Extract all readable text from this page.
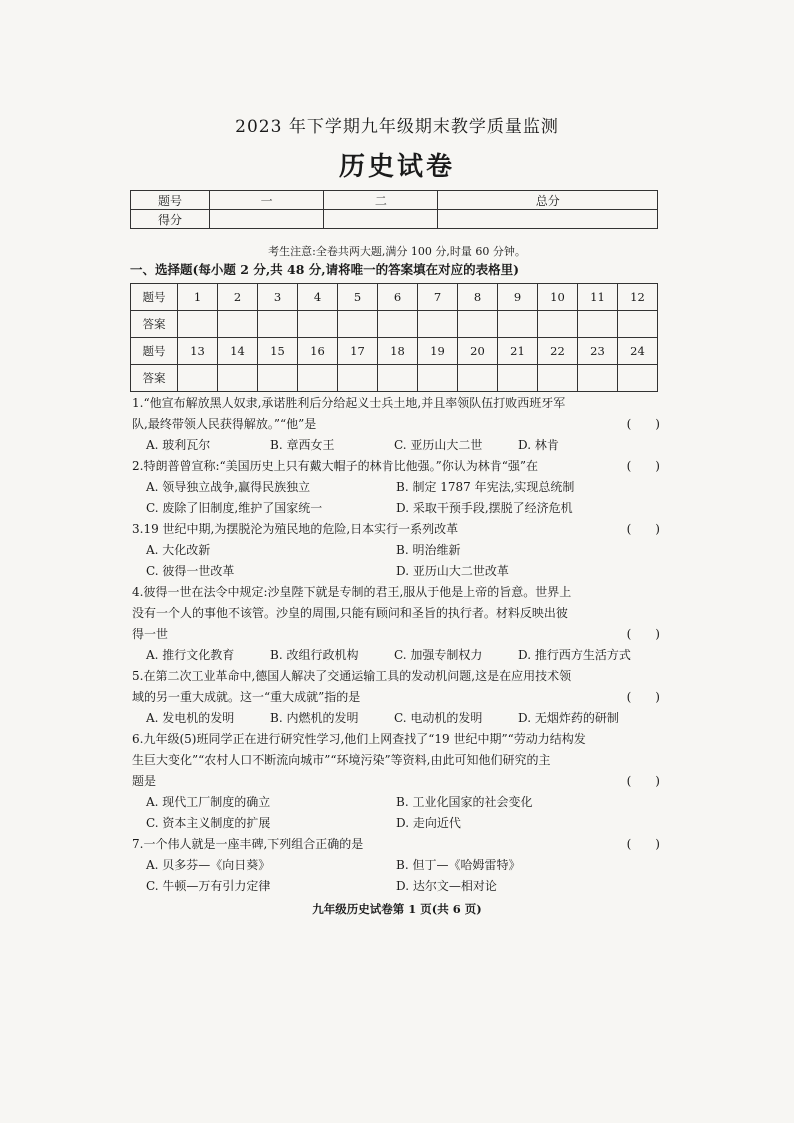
2023 年下学期九年级期末教学质量监测
历史试卷
题号	一	二	总分
得分			
考生注意:全卷共两大题,满分 100 分,时量 60 分钟。
一、选择题(每小题 2 分,共 48 分,请将唯一的答案填在对应的表格里)
题号	1	2	3	4	5	6	7	8	9	10	11	12
答案												
题号	13	14	15	16	17	18	19	20	21	22	23	24
答案												
1.“他宣布解放黑人奴隶,承诺胜利后分给起义士兵土地,并且率领队伍打败西班牙军
队,最终带领人民获得解放。”“他”是	(　　)
A. 玻利瓦尔	B. 章西女王	C. 亚历山大二世	D. 林肯
2.特朗普曾宣称:“美国历史上只有戴大帽子的林肯比他强。”你认为林肯“强”在	(　　)
A. 领导独立战争,赢得民族独立	B. 制定 1787 年宪法,实现总统制
C. 废除了旧制度,维护了国家统一	D. 采取干预手段,摆脱了经济危机
3.19 世纪中期,为摆脱沦为殖民地的危险,日本实行一系列改革	(　　)
A. 大化改新	B. 明治维新
C. 彼得一世改革	D. 亚历山大二世改革
4.彼得一世在法令中规定:沙皇陛下就是专制的君王,服从于他是上帝的旨意。世界上
没有一个人的事他不该管。沙皇的周围,只能有顾问和圣旨的执行者。材料反映出彼
得一世	(　　)
A. 推行文化教育	B. 改组行政机构	C. 加强专制权力	D. 推行西方生活方式
5.在第二次工业革命中,德国人解决了交通运输工具的发动机问题,这是在应用技术领
域的另一重大成就。这一“重大成就”指的是	(　　)
A. 发电机的发明	B. 内燃机的发明	C. 电动机的发明	D. 无烟炸药的研制
6.九年级(5)班同学正在进行研究性学习,他们上网查找了“19 世纪中期”“劳动力结构发
生巨大变化”“农村人口不断流向城市”“环境污染”等资料,由此可知他们研究的主
题是	(　　)
A. 现代工厂制度的确立	B. 工业化国家的社会变化
C. 资本主义制度的扩展	D. 走向近代
7.一个伟人就是一座丰碑,下列组合正确的是	(　　)
A. 贝多芬—《向日葵》	B. 但丁—《哈姆雷特》
C. 牛顿—万有引力定律	D. 达尔文—相对论
九年级历史试卷第 1 页(共 6 页)
